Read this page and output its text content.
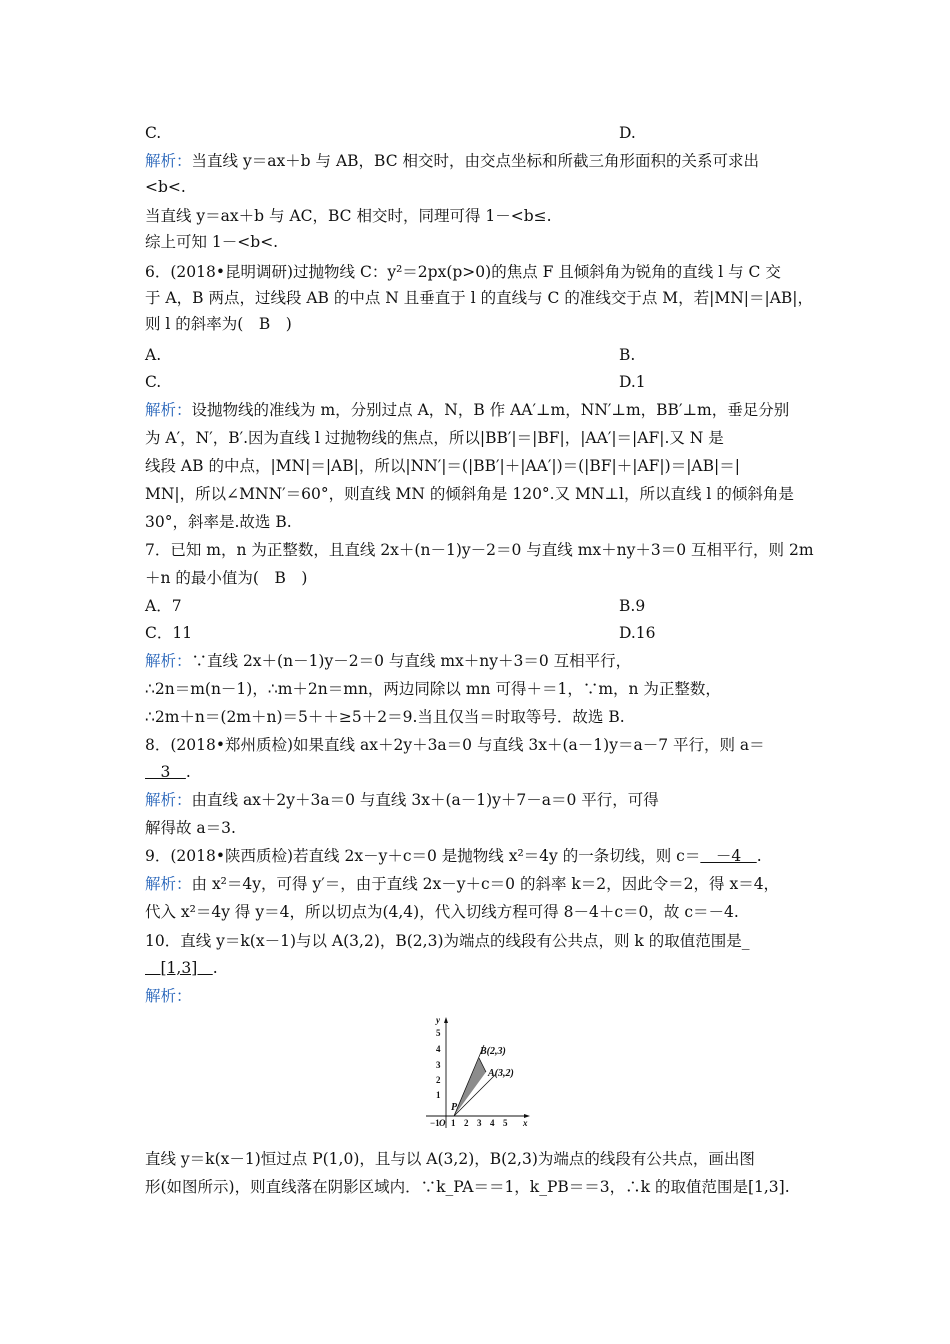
C.	D.
解析：当直线 y＝ax＋b 与 AB，BC 相交时，由交点坐标和所截三角形面积的关系可求出
<b<.
当直线 y＝ax＋b 与 AC，BC 相交时，同理可得 1－<b≤.
综上可知 1－<b<.
6．(2018•昆明调研)过抛物线 C：y²＝2px(p>0)的焦点 F 且倾斜角为锐角的直线 l 与 C 交
于 A，B 两点，过线段 AB 的中点 N 且垂直于 l 的直线与 C 的准线交于点 M，若|MN|＝|AB|，
则 l 的斜率为(　B　)
A.	B.
C.	D.1
解析：设抛物线的准线为 m，分别过点 A，N，B 作 AA′⊥m，NN′⊥m，BB′⊥m，垂足分别
为 A′，N′，B′.因为直线 l 过抛物线的焦点，所以|BB′|＝|BF|，|AA′|＝|AF|.又 N 是
线段 AB 的中点，|MN|＝|AB|，所以|NN′|＝(|BB′|＋|AA′|)＝(|BF|＋|AF|)＝|AB|＝|
MN|，所以∠MNN′＝60°，则直线 MN 的倾斜角是 120°.又 MN⊥l，所以直线 l 的倾斜角是
30°，斜率是.故选 B.
7．已知 m，n 为正整数，且直线 2x＋(n－1)y－2＝0 与直线 mx＋ny＋3＝0 互相平行，则 2m
＋n 的最小值为(　B　)
A．7	B.9
C．11	D.16
解析：∵直线 2x＋(n－1)y－2＝0 与直线 mx＋ny＋3＝0 互相平行，
∴2n＝m(n－1)，∴m＋2n＝mn，两边同除以 mn 可得＋＝1，∵m，n 为正整数，
∴2m＋n＝(2m＋n)＝5＋＋≥5＋2＝9.当且仅当＝时取等号．故选 B.
8．(2018•郑州质检)如果直线 ax＋2y＋3a＝0 与直线 3x＋(a－1)y＝a－7 平行，则 a＝
　3　.
解析：由直线 ax＋2y＋3a＝0 与直线 3x＋(a－1)y＋7－a＝0 平行，可得
解得故 a＝3.
9．(2018•陕西质检)若直线 2x－y＋c＝0 是抛物线 x²＝4y 的一条切线，则 c＝　－4　.
解析：由 x²＝4y，可得 y′＝，由于直线 2x－y＋c＝0 的斜率 k＝2，因此令＝2，得 x＝4，
代入 x²＝4y 得 y＝4，所以切点为(4,4)，代入切线方程可得 8－4＋c＝0，故 c＝－4.
10．直线 y＝k(x－1)与以 A(3,2)，B(2,3)为端点的线段有公共点，则 k 的取值范围是_
　[1,3]　.
解析：
y
x
O
5
4
3
2
1
−1 1 2 3 4 5
B(2,3)
A(3,2)
P
直线 y＝k(x－1)恒过点 P(1,0)，且与以 A(3,2)，B(2,3)为端点的线段有公共点，画出图
形(如图所示)，则直线落在阴影区域内．∵k_PA＝＝1，k_PB＝＝3，∴k 的取值范围是[1,3].
